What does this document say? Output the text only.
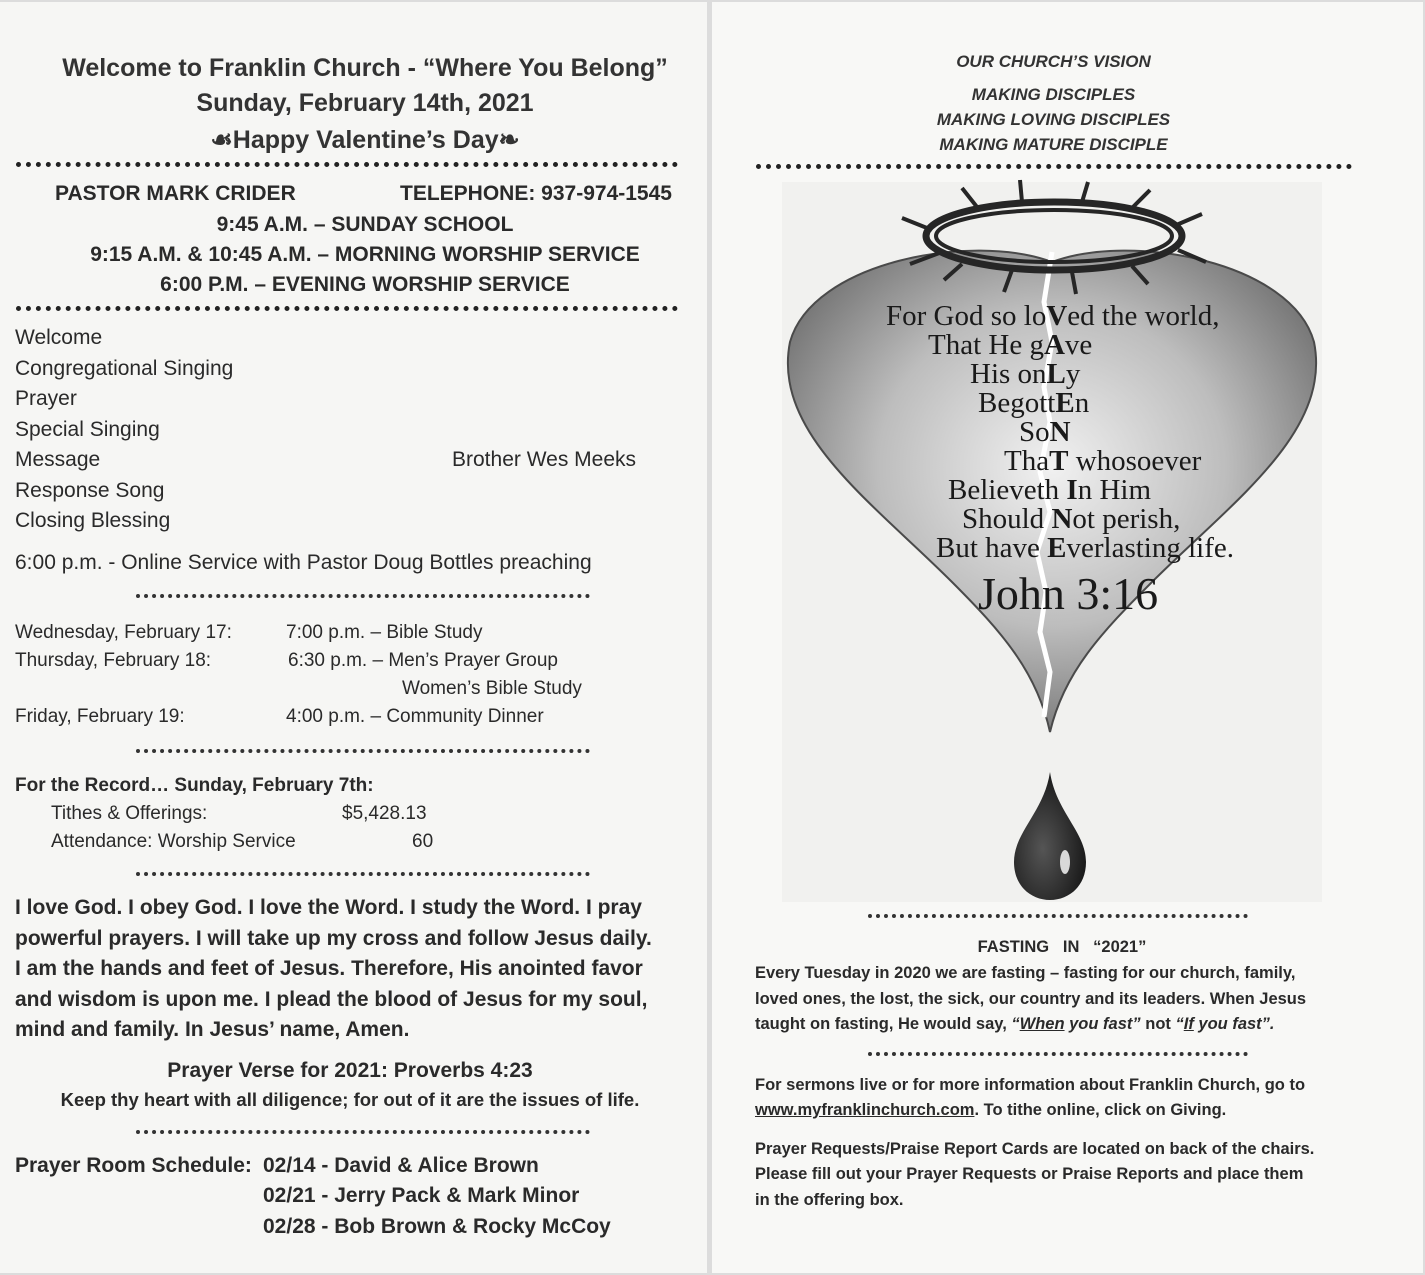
Welcome to Franklin Church - “Where You Belong”
Sunday, February 14th, 2021
☙Happy Valentine’s Day❧
PASTOR MARK CRIDER	TELEPHONE: 937-974-1545
9:45 A.M. – SUNDAY SCHOOL
9:15 A.M. & 10:45 A.M. – MORNING WORSHIP SERVICE
6:00 P.M. – EVENING WORSHIP SERVICE
Welcome
Congregational Singing
Prayer
Special Singing
Message	Brother Wes Meeks
Response Song
Closing Blessing
6:00 p.m. - Online Service with Pastor Doug Bottles preaching
Wednesday, February 17:	7:00 p.m. – Bible Study
Thursday, February 18:	6:30 p.m. – Men’s Prayer Group
Women’s Bible Study
Friday, February 19:	4:00 p.m. – Community Dinner
For the Record… Sunday, February 7th:
Tithes & Offerings:	$5,428.13
Attendance: Worship Service	60
I love God. I obey God. I love the Word. I study the Word. I pray
powerful prayers. I will take up my cross and follow Jesus daily.
I am the hands and feet of Jesus. Therefore, His anointed favor
and wisdom is upon me. I plead the blood of Jesus for my soul,
mind and family. In Jesus’ name, Amen.
Prayer Verse for 2021: Proverbs 4:23
Keep thy heart with all diligence; for out of it are the issues of life.
Prayer Room Schedule: 02/14 - David & Alice Brown
02/21 - Jerry Pack & Mark Minor
02/28 - Bob Brown & Rocky McCoy
OUR CHURCH’S VISION
MAKING DISCIPLES
MAKING LOVING DISCIPLES
MAKING MATURE DISCIPLE
For God so loVed the world,
That He gAve
His onLy
BegottEn
SoN
ThaT whosoever
Believeth In Him
Should Not perish,
But have Everlasting life.
John 3:16
FASTING   IN   “2021”
Every Tuesday in 2020 we are fasting – fasting for our church, family,
loved ones, the lost, the sick, our country and its leaders. When Jesus
taught on fasting, He would say, “When you fast” not “If you fast”.
For sermons live or for more information about Franklin Church, go to
www.myfranklinchurch.com. To tithe online, click on Giving.
Prayer Requests/Praise Report Cards are located on back of the chairs.
Please fill out your Prayer Requests or Praise Reports and place them
in the offering box.
